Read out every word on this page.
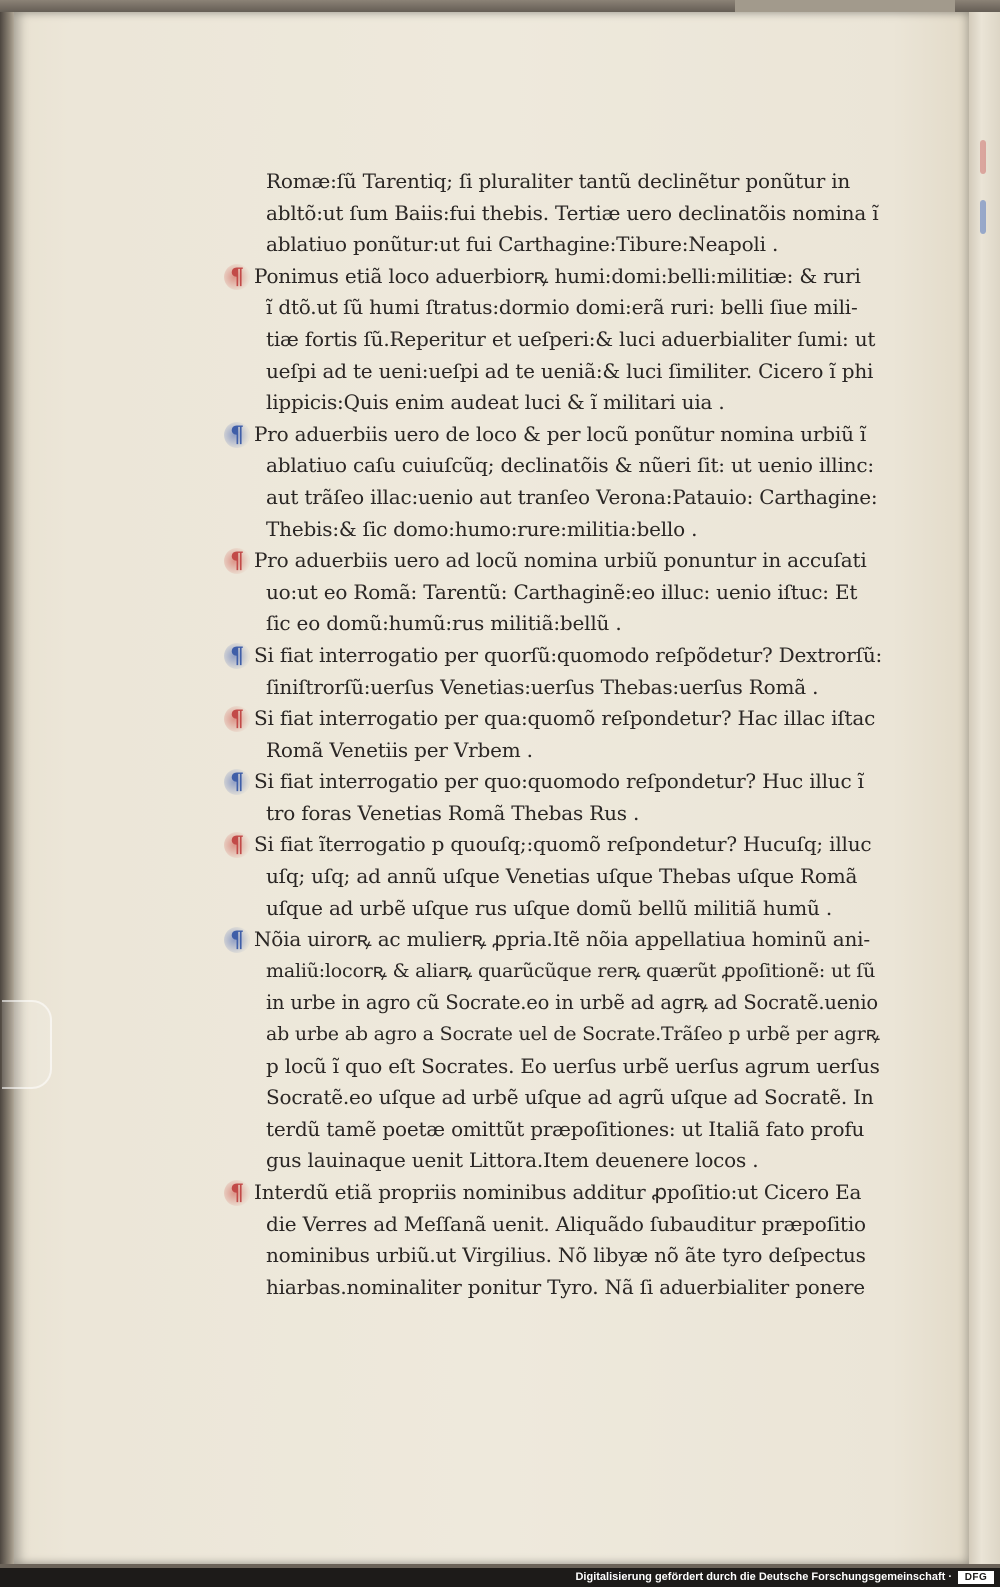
Romæ:ſũ Tarentiq; ſi pluraliter tantũ declinẽtur ponũtur in
abltõ:ut ſum Baiis:fui thebis. Tertiæ uero declinatõis nomina ĩ
ablatiuo ponũtur:ut fui Carthagine:Tibure:Neapoli .
¶ Ponimus etiã loco aduerbiorꝶ humi:domi:belli:militiæ: & ruri
ĩ dtõ.ut ſũ humi ſtratus:dormio domi:erã ruri: belli ſiue mili-
tiæ fortis ſũ.Reperitur et ueſperi:& luci aduerbialiter ſumi: ut
ueſpi ad te ueni:ueſpi ad te ueniã:& luci ſimiliter. Cicero ĩ phi
lippicis:Quis enim audeat luci & ĩ militari uia .
¶ Pro aduerbiis uero de loco & per locũ ponũtur nomina urbiũ ĩ
ablatiuo caſu cuiuſcũq; declinatõis & nũeri ſit: ut uenio illinc:
aut trãſeo illac:uenio aut tranſeo Verona:Patauio: Carthagine:
Thebis:& ſic domo:humo:rure:militia:bello .
¶ Pro aduerbiis uero ad locũ nomina urbiũ ponuntur in accuſati
uo:ut eo Romã: Tarentũ: Carthaginẽ:eo illuc: uenio iſtuc: Et
ſic eo domũ:humũ:rus militiã:bellũ .
¶ Si fiat interrogatio per quorſũ:quomodo reſpõdetur? Dextrorſũ:
ſiniſtrorſũ:uerſus Venetias:uerſus Thebas:uerſus Romã .
¶ Si fiat interrogatio per qua:quomõ reſpondetur? Hac illac iſtac
Romã Venetiis per Vrbem .
¶ Si fiat interrogatio per quo:quomodo reſpondetur? Huc illuc ĩ
tro foras Venetias Romã Thebas Rus .
¶ Si fiat ĩterrogatio p quouſq;:quomõ reſpondetur? Hucuſq; illuc
uſq; uſq; ad annũ uſque Venetias uſque Thebas uſque Romã
uſque ad urbẽ uſque rus uſque domũ bellũ militiã humũ .
¶ Nõia uirorꝶ ac mulierꝶ ꝓpria.Itẽ nõia appellatiua hominũ ani-
maliũ:locorꝶ & aliarꝶ quarũcũque rerꝶ quærũt ꝓpoſitionẽ: ut ſũ
in urbe in agro cũ Socrate.eo in urbẽ ad agrꝶ ad Socratẽ.uenio
ab urbe ab agro a Socrate uel de Socrate.Trãſeo p urbẽ per agrꝶ
p locũ ĩ quo eſt Socrates. Eo uerſus urbẽ uerſus agrum uerſus
Socratẽ.eo uſque ad urbẽ uſque ad agrũ uſque ad Socratẽ. In
terdũ tamẽ poetæ omittũt præpoſitiones: ut Italiã fato profu
gus lauinaque uenit Littora.Item deuenere locos .
¶ Interdũ etiã propriis nominibus additur ꝓpoſitio:ut Cicero Ea
die Verres ad Meſſanã uenit. Aliquãdo ſubauditur præpoſitio
nominibus urbiũ.ut Virgilius. Nõ libyæ nõ ãte tyro deſpectus
hiarbas.nominaliter ponitur Tyro. Nã ſi aduerbialiter ponere
Digitalisierung gefördert durch die Deutsche Forschungsgemeinschaft ·	DFG
